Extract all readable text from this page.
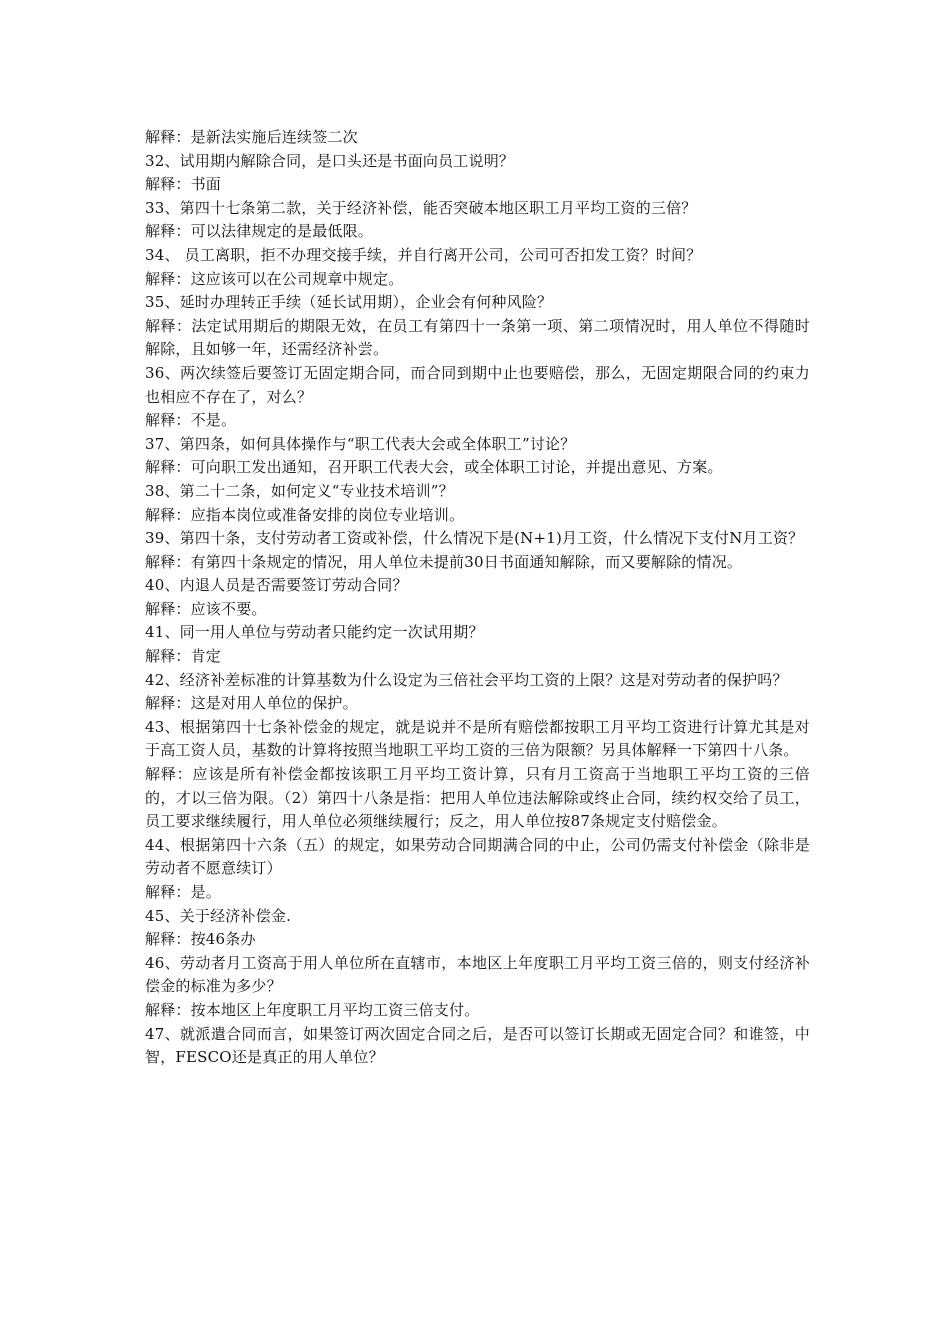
解释：是新法实施后连续签二次

32、试用期内解除合同，是口头还是书面向员工说明？

解释：书面

33、第四十七条第二款，关于经济补偿，能否突破本地区职工月平均工资的三倍？

解释：可以法律规定的是最低限。

34、 员工离职，拒不办理交接手续，并自行离开公司，公司可否扣发工资？时间？

解释：这应该可以在公司规章中规定。

35、延时办理转正手续（延长试用期），企业会有何种风险？

解释：法定试用期后的期限无效，在员工有第四十一条第一项、第二项情况时，用人单位不得随时解除，且如够一年，还需经济补尝。

36、两次续签后要签订无固定期合同，而合同到期中止也要赔偿，那么，无固定期限合同的约束力也相应不存在了，对么？

解释：不是。

37、第四条，如何具体操作与“职工代表大会或全体职工”讨论？

解释：可向职工发出通知，召开职工代表大会，或全体职工讨论，并提出意见、方案。

38、第二十二条，如何定义“专业技术培训”？

解释：应指本岗位或准备安排的岗位专业培训。

39、第四十条，支付劳动者工资或补偿，什么情况下是(N+1)月工资，什么情况下支付N月工资？

解释：有第四十条规定的情况，用人单位未提前30日书面通知解除，而又要解除的情况。

40、内退人员是否需要签订劳动合同？

解释：应该不要。

41、同一用人单位与劳动者只能约定一次试用期？

解释：肯定

42、经济补差标准的计算基数为什么设定为三倍社会平均工资的上限？这是对劳动者的保护吗？

解释：这是对用人单位的保护。

43、根据第四十七条补偿金的规定，就是说并不是所有赔偿都按职工月平均工资进行计算尤其是对于高工资人员，基数的计算将按照当地职工平均工资的三倍为限额？另具体解释一下第四十八条。

解释：应该是所有补偿金都按该职工月平均工资计算，只有月工资高于当地职工平均工资的三倍的，才以三倍为限。（2）第四十八条是指：把用人单位违法解除或终止合同，续约权交给了员工，员工要求继续履行，用人单位必须继续履行；反之，用人单位按87条规定支付赔偿金。

44、根据第四十六条（五）的规定，如果劳动合同期满合同的中止，公司仍需支付补偿金（除非是劳动者不愿意续订）

解释：是。

45、关于经济补偿金.

解释：按46条办

46、劳动者月工资高于用人单位所在直辖市，本地区上年度职工月平均工资三倍的，则支付经济补偿金的标准为多少？

解释：按本地区上年度职工月平均工资三倍支付。

47、就派遣合同而言，如果签订两次固定合同之后，是否可以签订长期或无固定合同？和谁签，中智，FESCO还是真正的用人单位？
